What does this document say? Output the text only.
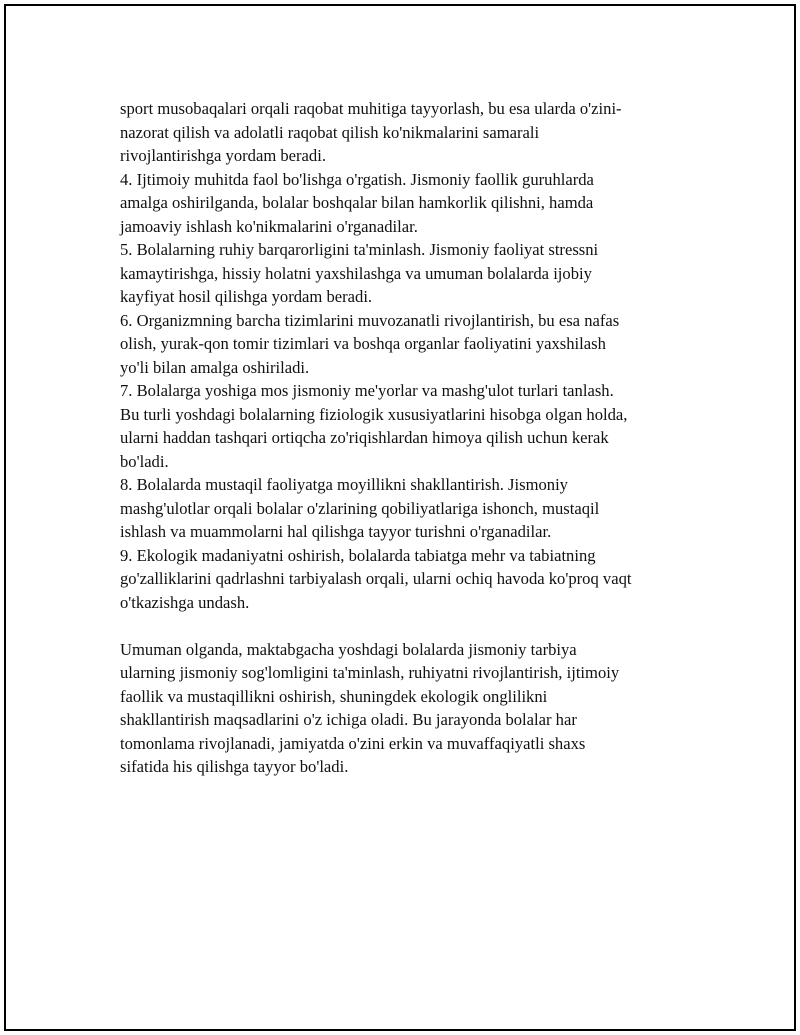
sport musobaqalari orqali raqobat muhitiga tayyorlash, bu esa ularda o'zini-
nazorat qilish va adolatli raqobat qilish ko'nikmalarini samarali
rivojlantirishga yordam beradi.

4. Ijtimoiy muhitda faol bo'lishga o'rgatish. Jismoniy faollik guruhlarda
amalga oshirilganda, bolalar boshqalar bilan hamkorlik qilishni, hamda
jamoaviy ishlash ko'nikmalarini o'rganadilar.

5. Bolalarning ruhiy barqarorligini ta'minlash. Jismoniy faoliyat stressni
kamaytirishga, hissiy holatni yaxshilashga va umuman bolalarda ijobiy
kayfiyat hosil qilishga yordam beradi.

6. Organizmning barcha tizimlarini muvozanatli rivojlantirish, bu esa nafas
olish, yurak-qon tomir tizimlari va boshqa organlar faoliyatini yaxshilash
yo'li bilan amalga oshiriladi.

7. Bolalarga yoshiga mos jismoniy me'yorlar va mashg'ulot turlari tanlash.
Bu turli yoshdagi bolalarning fiziologik xususiyatlarini hisobga olgan holda,
ularni haddan tashqari ortiqcha zo'riqishlardan himoya qilish uchun kerak
bo'ladi.

8. Bolalarda mustaqil faoliyatga moyillikni shakllantirish. Jismoniy
mashg'ulotlar orqali bolalar o'zlarining qobiliyatlariga ishonch, mustaqil
ishlash va muammolarni hal qilishga tayyor turishni o'rganadilar.

9. Ekologik madaniyatni oshirish, bolalarda tabiatga mehr va tabiatning
go'zalliklarini qadrlashni tarbiyalash orqali, ularni ochiq havoda ko'proq vaqt
o'tkazishga undash.

Umuman olganda, maktabgacha yoshdagi bolalarda jismoniy tarbiya
ularning jismoniy sog'lomligini ta'minlash, ruhiyatni rivojlantirish, ijtimoiy
faollik va mustaqillikni oshirish, shuningdek ekologik onglilikni
shakllantirish maqsadlarini o'z ichiga oladi. Bu jarayonda bolalar har
tomonlama rivojlanadi, jamiyatda o'zini erkin va muvaffaqiyatli shaxs
sifatida his qilishga tayyor bo'ladi.
